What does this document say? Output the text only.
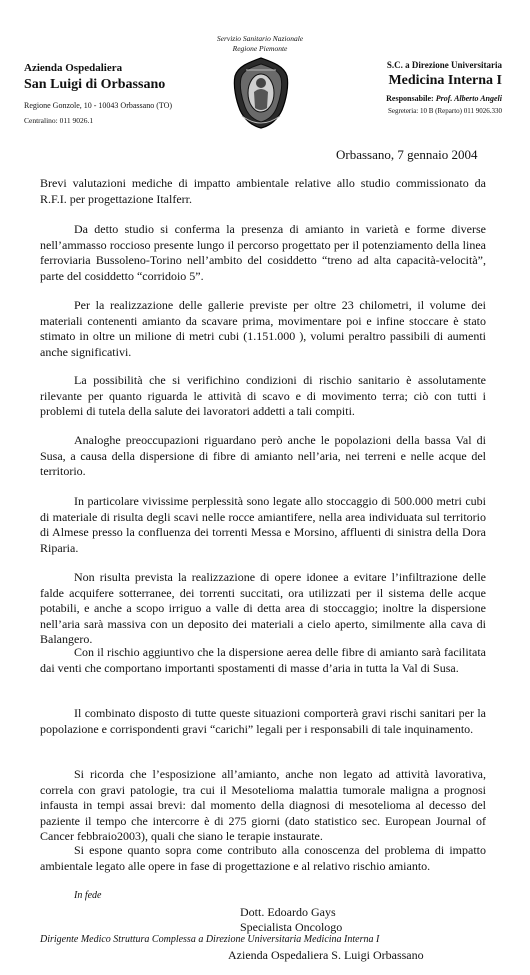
Servizio Sanitario Nazionale
Regione Piemonte
Azienda Ospedaliera
San Luigi di Orbassano
Regione Gonzole, 10 - 10043 Orbassano (TO)
Centralino: 011 9026.1
S.C. a Direzione Universitaria
Medicina Interna I
Responsabile: Prof. Alberto Angeli
Segreteria: 10 B (Reparto) 011 9026.330
Orbassano, 7 gennaio 2004

Brevi valutazioni mediche di impatto ambientale relative allo studio commissionato da R.F.I. per progettazione Italferr.

Da detto studio si conferma la presenza di amianto in varietà e forme diverse nell’ammasso roccioso presente lungo il percorso progettato per il potenziamento della linea ferroviaria Bussoleno-Torino nell’ambito del cosiddetto “treno ad alta capacità-velocità”, parte del cosiddetto “corridoio 5”.

Per la realizzazione delle gallerie previste per oltre 23 chilometri, il volume dei materiali contenenti amianto da scavare prima, movimentare poi e infine stoccare è stato stimato in oltre un milione di metri cubi (1.151.000 ), volumi peraltro passibili di aumenti anche significativi.

La possibilità che si verifichino condizioni di rischio sanitario è assolutamente rilevante per quanto riguarda le attività di scavo e di movimento terra; ciò con tutti i problemi di tutela della salute dei lavoratori addetti a tali compiti.

Analoghe preoccupazioni riguardano però anche le popolazioni della bassa Val di Susa, a causa della dispersione di fibre di amianto nell’aria, nei terreni e nelle acque del territorio.

In particolare vivissime perplessità sono legate allo stoccaggio di 500.000 metri cubi di materiale di risulta degli scavi nelle rocce amiantifere, nella area individuata sul territorio di Almese presso la confluenza dei torrenti Messa e Morsino, affluenti di sinistra della Dora Riparia.

Non risulta prevista la realizzazione di opere idonee a evitare l’infiltrazione delle falde acquifere sotterranee, dei torrenti succitati, ora utilizzati per il sistema delle acque potabili, e anche a scopo irriguo a valle di detta area di stoccaggio; inoltre la dispersione nell’aria sarà massiva con un deposito dei materiali a cielo aperto, similmente alla cava di Balangero.

Con il rischio aggiuntivo che la dispersione aerea delle fibre di amianto sarà facilitata dai venti che comportano importanti spostamenti di masse d’aria in tutta la Val di Susa.

Il combinato disposto di tutte queste situazioni comporterà gravi rischi sanitari per la popolazione e corrispondenti gravi “carichi” legali per i responsabili di tale inquinamento.

Si ricorda che l’esposizione all’amianto, anche non legato ad attività lavorativa, correla con gravi patologie, tra cui il Mesotelioma malattia tumorale maligna a prognosi infausta in tempi assai brevi: dal momento della diagnosi di mesotelioma al decesso del paziente il tempo che intercorre è di 275 giorni (dato statistico sec. European Journal of Cancer febbraio2003), quali che siano le terapie instaurate.

Si espone quanto sopra come contributo alla conoscenza del problema di impatto ambientale legato alle opere in fase di progettazione e al relativo rischio amianto.

In fede
Dott. Edoardo Gays
Specialista Oncologo
Dirigente Medico Struttura Complessa a Direzione Universitaria Medicina Interna I
Azienda Ospedaliera S. Luigi Orbassano
